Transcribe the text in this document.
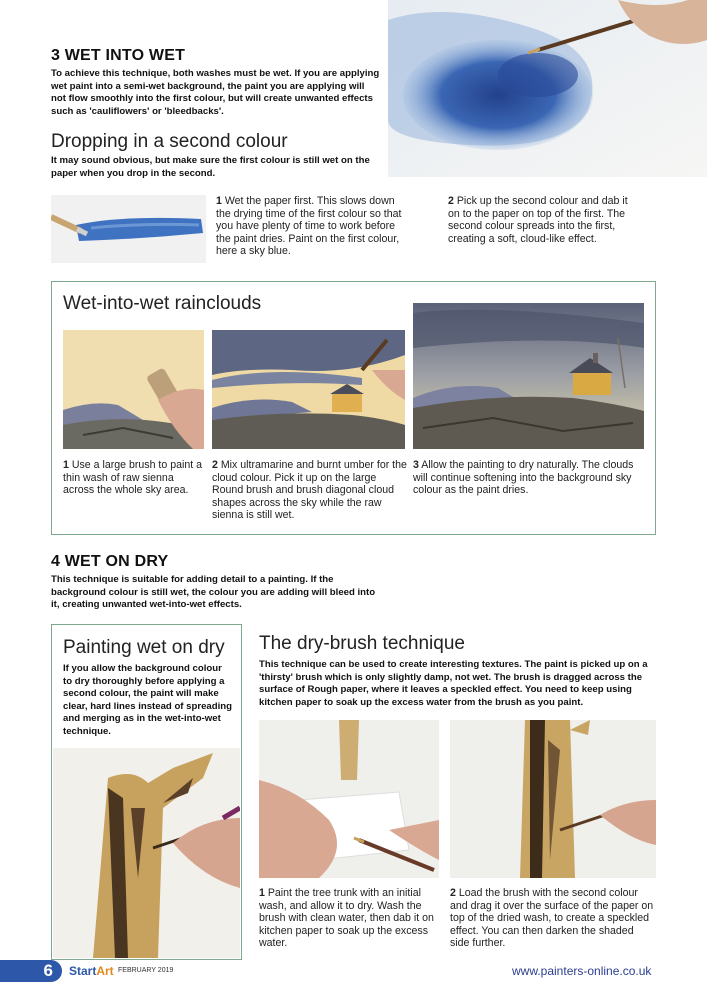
3 WET INTO WET
To achieve this technique, both washes must be wet. If you are applying wet paint into a semi-wet background, the paint you are applying will not flow smoothly into the first colour, but will create unwanted effects such as 'cauliflowers' or 'bleedbacks'.
Dropping in a second colour
It may sound obvious, but make sure the first colour is still wet on the paper when you drop in the second.
1 Wet the paper first. This slows down the drying time of the first colour so that you have plenty of time to work before the paint dries. Paint on the first colour, here a sky blue.
2 Pick up the second colour and dab it on to the paper on top of the first. The second colour spreads into the first, creating a soft, cloud-like effect.
Wet-into-wet rainclouds
1 Use a large brush to paint a thin wash of raw sienna across the whole sky area.
2 Mix ultramarine and burnt umber for the cloud colour. Pick it up on the large Round brush and brush diagonal cloud shapes across the sky while the raw sienna is still wet.
3 Allow the painting to dry naturally. The clouds will continue softening into the background sky colour as the paint dries.
4 WET ON DRY
This technique is suitable for adding detail to a painting. If the background colour is still wet, the colour you are adding will bleed into it, creating unwanted wet-into-wet effects.
Painting wet on dry
If you allow the background colour to dry thoroughly before applying a second colour, the paint will make clear, hard lines instead of spreading and merging as in the wet-into-wet technique.
The dry-brush technique
This technique can be used to create interesting textures. The paint is picked up on a 'thirsty' brush which is only slightly damp, not wet. The brush is dragged across the surface of Rough paper, where it leaves a speckled effect. You need to keep using kitchen paper to soak up the excess water from the brush as you paint.
1 Paint the tree trunk with an initial wash, and allow it to dry. Wash the brush with clean water, then dab it on kitchen paper to soak up the excess water.
2 Load the brush with the second colour and drag it over the surface of the paper on top of the dried wash, to create a speckled effect. You can then darken the shaded side further.
6 StartArt FEBRUARY 2019	www.painters-online.co.uk
